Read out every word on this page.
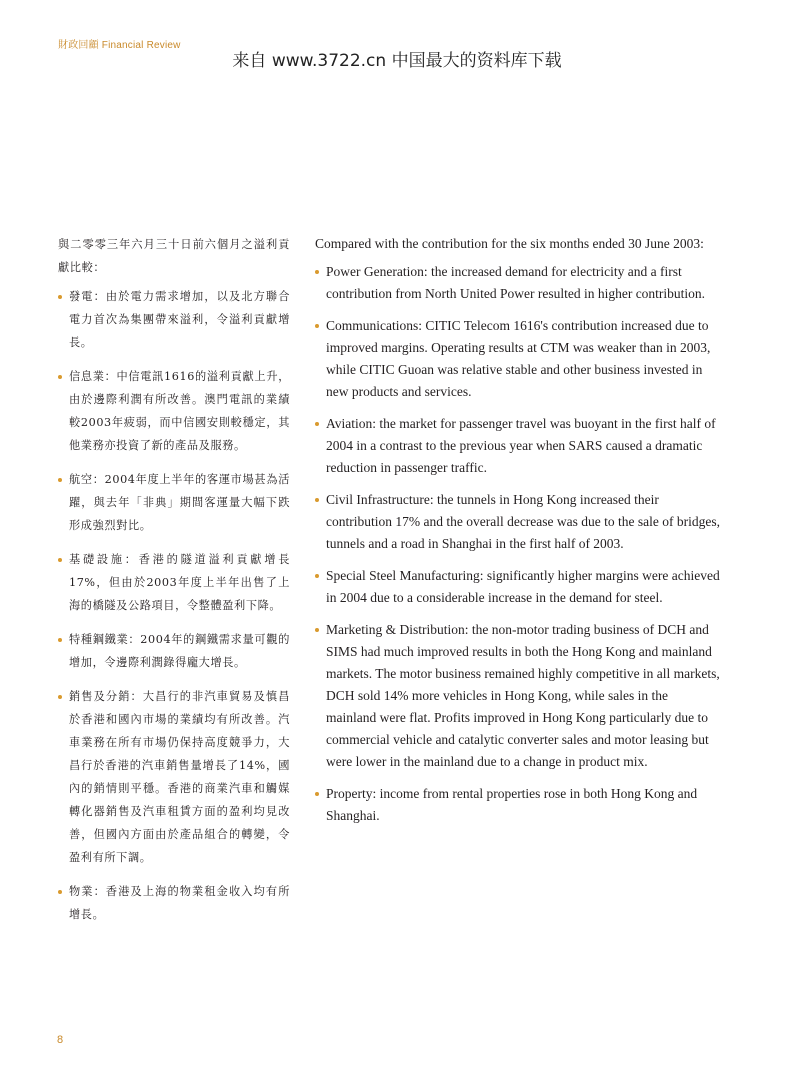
財政回顧 Financial Review
来自 www.3722.cn 中国最大的资料库下载

與二零零三年六月三十日前六個月之溢利貢獻比較：

發電：由於電力需求增加，以及北方聯合電力首次為集團帶來溢利，令溢利貢獻增長。
信息業：中信電訊1616的溢利貢獻上升，由於邊際利潤有所改善。澳門電訊的業績較2003年疲弱，而中信國安則較穩定，其他業務亦投資了新的產品及服務。
航空：2004年度上半年的客運市場甚為活躍，與去年「非典」期間客運量大幅下跌形成強烈對比。
基礎設施：香港的隧道溢利貢獻增長17%，但由於2003年度上半年出售了上海的橋隧及公路項目，令整體盈利下降。
特種鋼鐵業：2004年的鋼鐵需求量可觀的增加，令邊際利潤錄得龐大增長。
銷售及分銷：大昌行的非汽車貿易及慎昌於香港和國內市場的業績均有所改善。汽車業務在所有市場仍保持高度競爭力，大昌行於香港的汽車銷售量增長了14%，國內的銷情則平穩。香港的商業汽車和觸媒轉化器銷售及汽車租賃方面的盈利均見改善，但國內方面由於產品組合的轉變，令盈利有所下調。
物業：香港及上海的物業租金收入均有所增長。

Compared with the contribution for the six months ended 30 June 2003:

Power Generation: the increased demand for electricity and a first contribution from North United Power resulted in higher contribution.
Communications: CITIC Telecom 1616's contribution increased due to improved margins. Operating results at CTM was weaker than in 2003, while CITIC Guoan was relative stable and other business invested in new products and services.
Aviation: the market for passenger travel was buoyant in the first half of 2004 in a contrast to the previous year when SARS caused a dramatic reduction in passenger traffic.
Civil Infrastructure: the tunnels in Hong Kong increased their contribution 17% and the overall decrease was due to the sale of bridges, tunnels and a road in Shanghai in the first half of 2003.
Special Steel Manufacturing: significantly higher margins were achieved in 2004 due to a considerable increase in the demand for steel.
Marketing & Distribution: the non-motor trading business of DCH and SIMS had much improved results in both the Hong Kong and mainland markets. The motor business remained highly competitive in all markets, DCH sold 14% more vehicles in Hong Kong, while sales in the mainland were flat. Profits improved in Hong Kong particularly due to commercial vehicle and catalytic converter sales and motor leasing but were lower in the mainland due to a change in product mix.
Property: income from rental properties rose in both Hong Kong and Shanghai.
8
